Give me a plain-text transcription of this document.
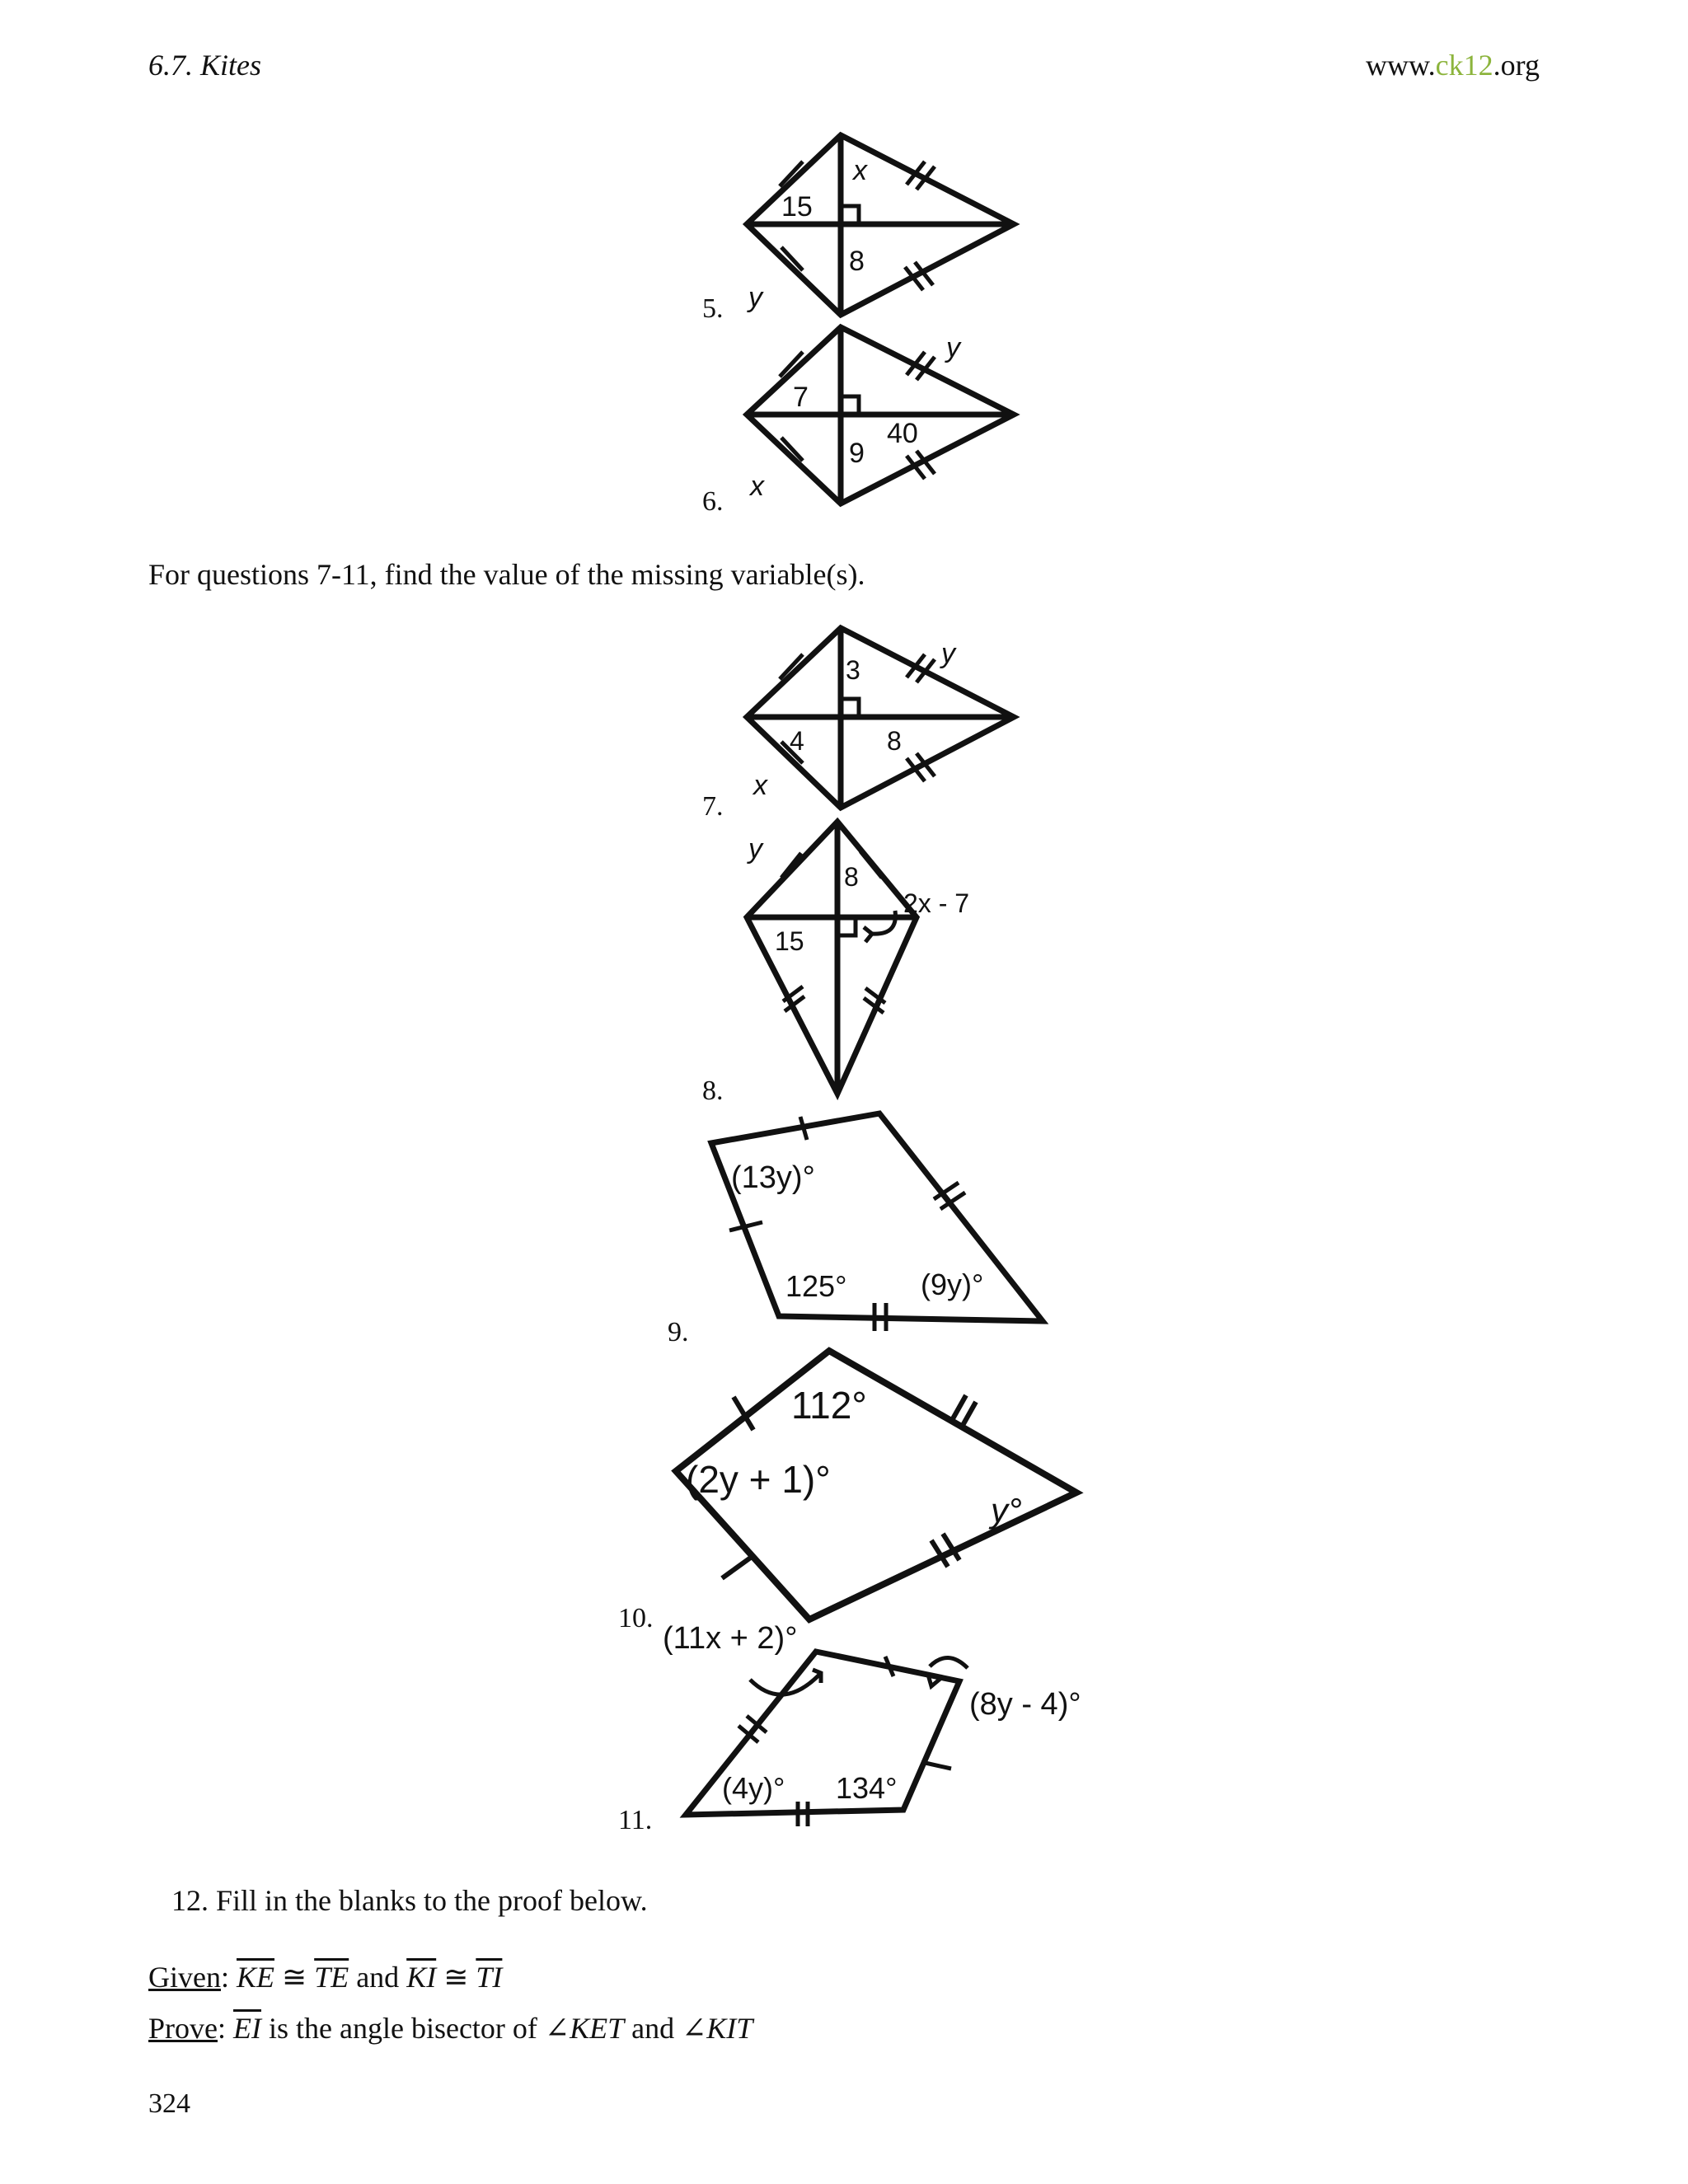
6.7. Kites	www.ck12.org
5.
x
15
8
y
6.
y
7
9
40
x
For questions 7-11, find the value of the missing variable(s).
7.
3
y
4	8
x
8.
y
8
2x - 7
15
9.
(13y)°
125° (9y)°
10.
112°
(2y + 1)°
y°
11.
(11x + 2)°
(8y - 4)°
(4y)° 134°
12. Fill in the blanks to the proof below.
Given: $\overline{KE}$ ≅ $\overline{TE}$ and $\overline{KI}$ ≅ $\overline{TI}$
Prove: $\overline{EI}$ is the angle bisector of ∠KET and ∠KIT
324
